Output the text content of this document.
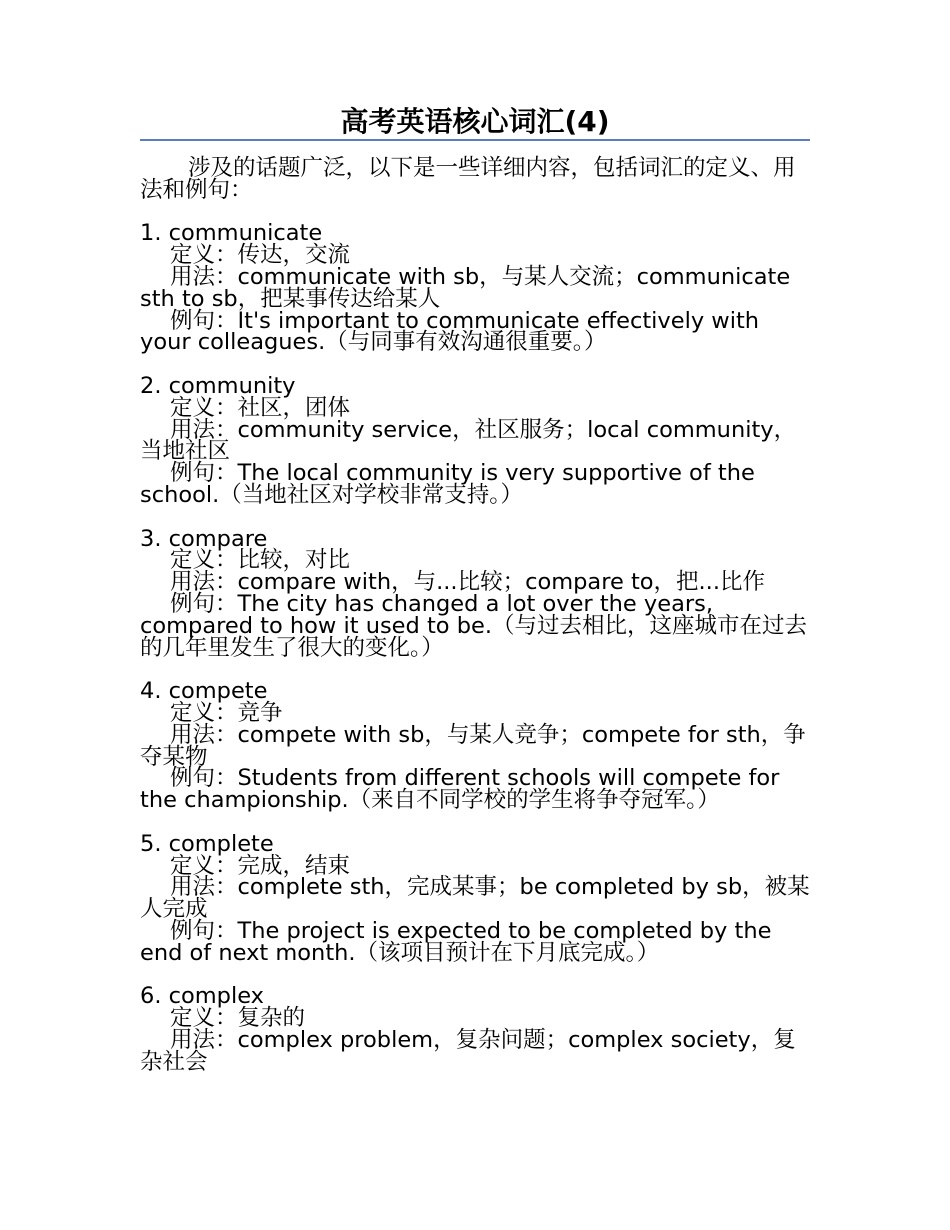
高考英语核心词汇(4)

涉及的话题广泛，以下是一些详细内容，包括词汇的定义、用法和例句：

1. communicate

定义：传达，交流

用法：communicate with sb，与某人交流；communicate sth to sb，把某事传达给某人

例句：It's important to communicate effectively with your colleagues.（与同事有效沟通很重要。）

2. community

定义：社区，团体

用法：community service，社区服务；local community，当地社区

例句：The local community is very supportive of the school.（当地社区对学校非常支持。）

3. compare

定义：比较，对比

用法：compare with，与...比较；compare to，把...比作

例句：The city has changed a lot over the years, compared to how it used to be.（与过去相比，这座城市在过去的几年里发生了很大的变化。）

4. compete

定义：竞争

用法：compete with sb，与某人竞争；compete for sth，争夺某物

例句：Students from different schools will compete for the championship.（来自不同学校的学生将争夺冠军。）

5. complete

定义：完成，结束

用法：complete sth，完成某事；be completed by sb，被某人完成

例句：The project is expected to be completed by the end of next month.（该项目预计在下月底完成。）

6. complex

定义：复杂的

用法：complex problem，复杂问题；complex society，复杂社会
